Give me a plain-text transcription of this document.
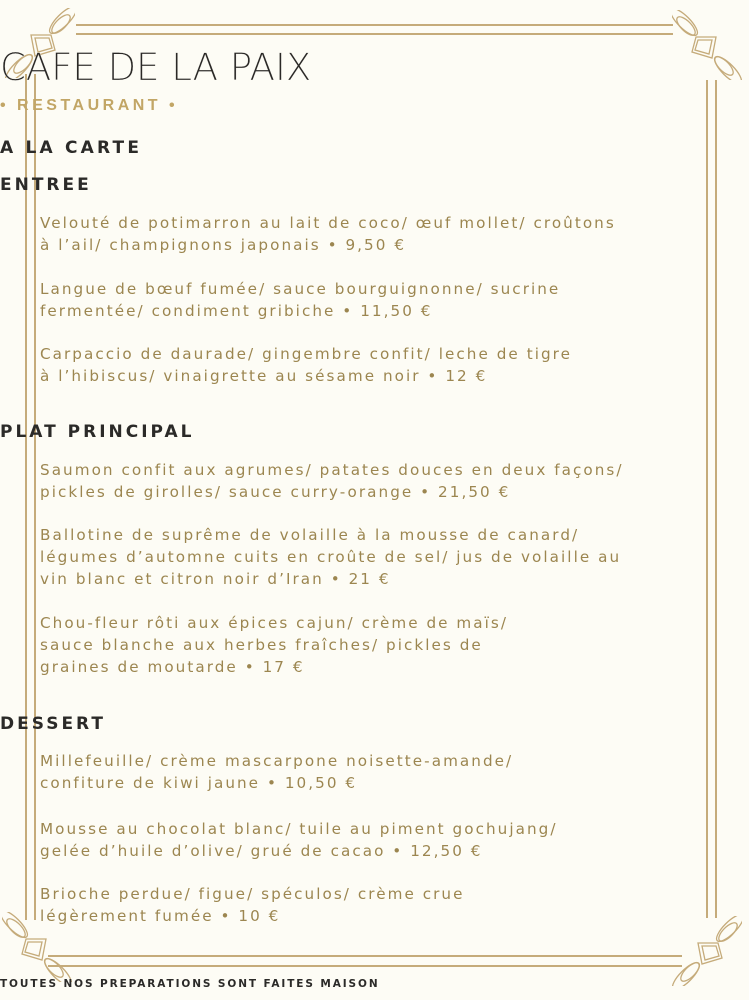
CAFE DE LA PAIX
• RESTAURANT •
A LA CARTE
ENTREE
Velouté de potimarron au lait de coco/ œuf mollet/ croûtons
à l’ail/ champignons japonais • 9,50 €
Langue de bœuf fumée/ sauce bourguignonne/ sucrine
fermentée/ condiment gribiche • 11,50 €
Carpaccio de daurade/ gingembre confit/ leche de tigre
à l’hibiscus/ vinaigrette au sésame noir • 12 €
PLAT PRINCIPAL
Saumon confit aux agrumes/ patates douces en deux façons/
pickles de girolles/ sauce curry-orange • 21,50 €
Ballotine de suprême de volaille à la mousse de canard/
légumes d’automne cuits en croûte de sel/ jus de volaille au
vin blanc et citron noir d’Iran • 21 €
Chou-fleur rôti aux épices cajun/ crème de maïs/
sauce blanche aux herbes fraîches/ pickles de
graines de moutarde • 17 €
DESSERT
Millefeuille/ crème mascarpone noisette-amande/
confiture de kiwi jaune • 10,50 €
Mousse au chocolat blanc/ tuile au piment gochujang/
gelée d’huile d’olive/ grué de cacao • 12,50 €
Brioche perdue/ figue/ spéculos/ crème crue
légèrement fumée • 10 €
TOUTES NOS PREPARATIONS SONT FAITES MAISON
